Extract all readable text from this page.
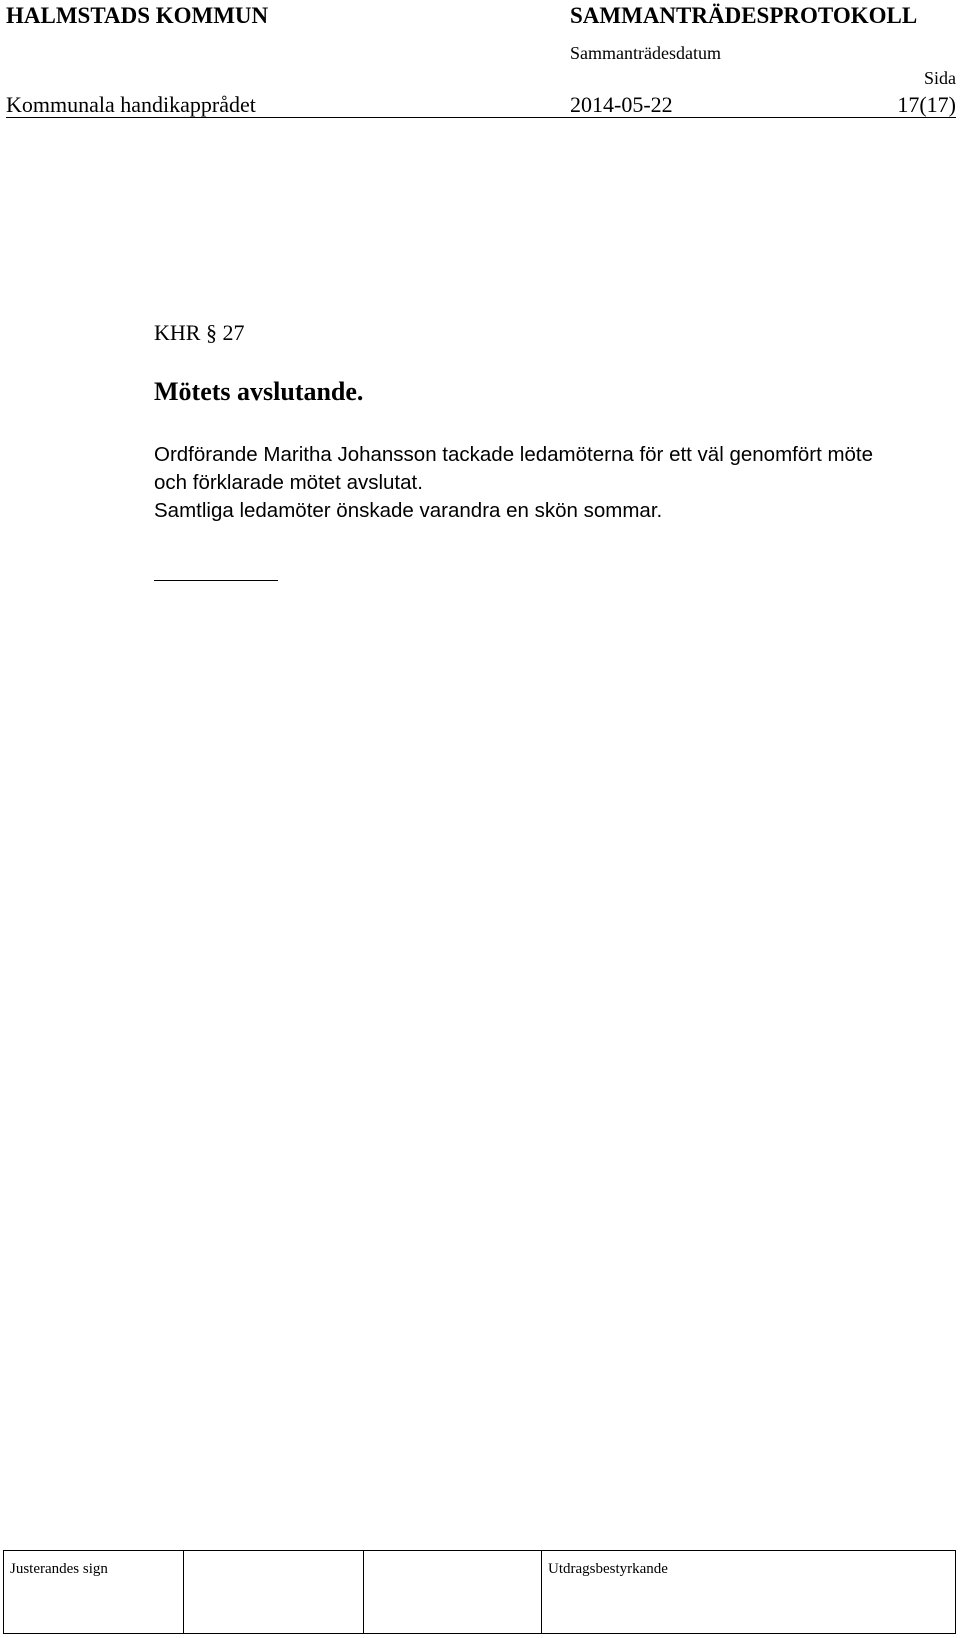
HALMSTADS KOMMUN	SAMMANTRÄDESPROTOKOLL
Sammanträdesdatum
Sida
Kommunala handikapprådet	2014-05-22	17(17)
KHR § 27
Mötets avslutande.
Ordförande Maritha Johansson tackade ledamöterna för ett väl genomfört möte
och förklarade mötet avslutat.
Samtliga ledamöter önskade varandra en skön sommar.
Justerandes sign	Utdragsbestyrkande
